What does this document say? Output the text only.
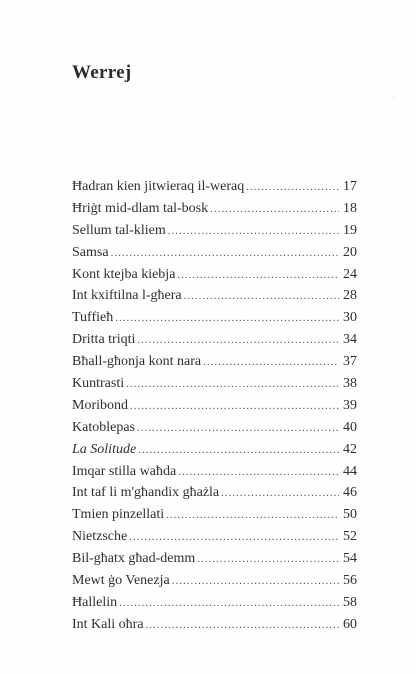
Werrej
Ħadran kien jitwieraq il-weraq .....	17
Ħriġt mid-dlam tal-bosk .....	18
Sellum tal-kliem .....	19
Samsa .....	20
Kont ktejba kiebja .....	24
Int kxiftilna l-għera .....	28
Tuffieħ .....	30
Dritta triqti .....	34
Bħall-għonja kont nara .....	37
Kuntrasti .....	38
Moribond .....	39
Katoblepas .....	40
La Solitude .....	42
Imqar stilla waħda .....	44
Int taf li m'għandix għażla .....	46
Tmien pinzellati .....	50
Nietzsche .....	52
Bil-għatx għad-demm .....	54
Mewt ġo Venezja .....	56
Ħallelin .....	58
Int Kali oħra .....	60
